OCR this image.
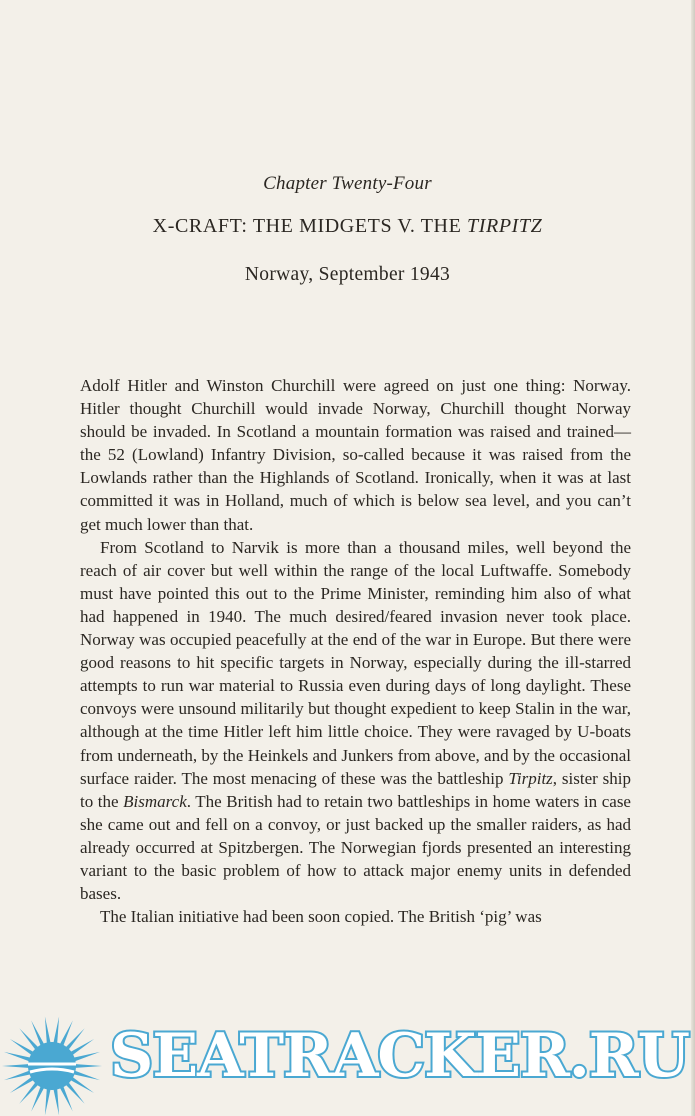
Chapter Twenty-Four
X-CRAFT: THE MIDGETS V. THE TIRPITZ
Norway, September 1943

Adolf Hitler and Winston Churchill were agreed on just one thing: Norway. Hitler thought Churchill would invade Norway, Churchill thought Norway should be invaded. In Scotland a mountain formation was raised and trained—the 52 (Lowland) Infantry Division, so-called because it was raised from the Lowlands rather than the Highlands of Scotland. Ironically, when it was at last committed it was in Holland, much of which is below sea level, and you can’t get much lower than that.

From Scotland to Narvik is more than a thousand miles, well beyond the reach of air cover but well within the range of the local Luftwaffe. Somebody must have pointed this out to the Prime Minister, reminding him also of what had happened in 1940. The much desired/feared invasion never took place. Norway was occupied peacefully at the end of the war in Europe. But there were good reasons to hit specific targets in Norway, especially during the ill-starred attempts to run war material to Russia even during days of long daylight. These convoys were unsound militarily but thought expedient to keep Stalin in the war, although at the time Hitler left him little choice. They were ravaged by U-boats from underneath, by the Heinkels and Junkers from above, and by the occasional surface raider. The most menacing of these was the battleship Tirpitz, sister ship to the Bismarck. The British had to retain two battleships in home waters in case she came out and fell on a convoy, or just backed up the smaller raiders, as had already occurred at Spitzbergen. The Norwegian fjords presented an interesting variant to the basic problem of how to attack major enemy units in defended bases.

The Italian initiative had been soon copied. The British ‘pig’ was

SEATRACKER.RU
